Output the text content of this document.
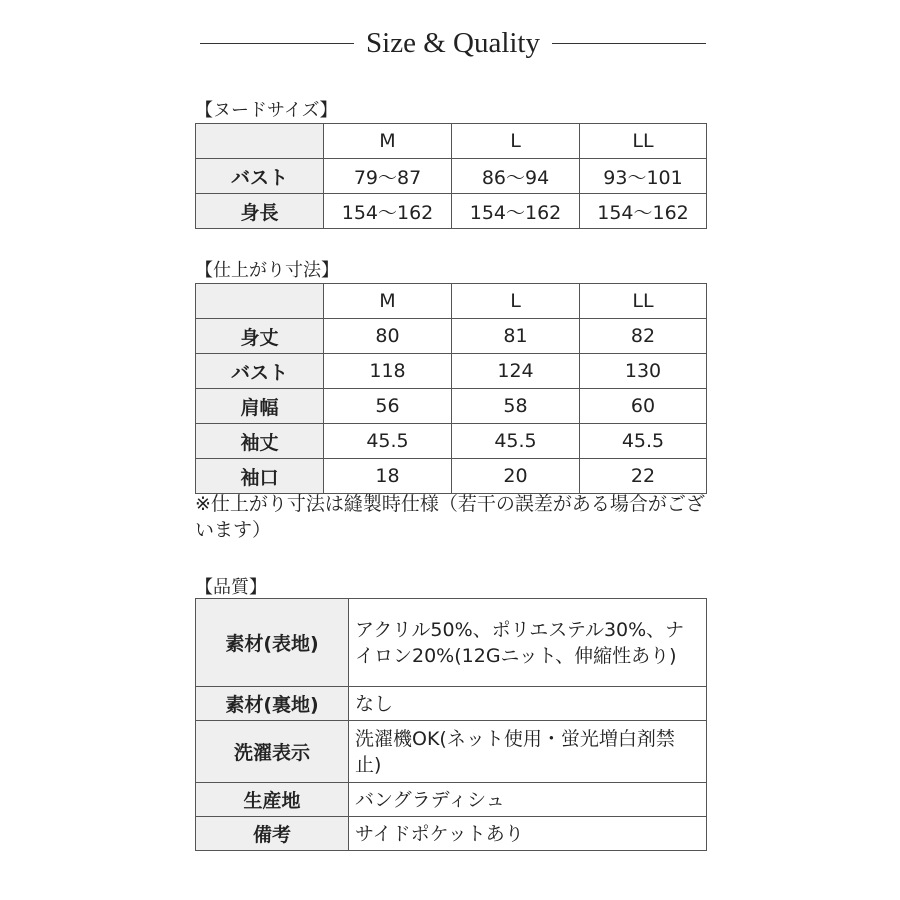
Size & Quality
【ヌードサイズ】
	M	L	LL
バスト	79〜87	86〜94	93〜101
身長	154〜162	154〜162	154〜162
【仕上がり寸法】
	M	L	LL
身丈	80	81	82
バスト	118	124	130
肩幅	56	58	60
袖丈	45.5	45.5	45.5
袖口	18	20	22
※仕上がり寸法は縫製時仕様（若干の誤差がある場合がございます）
【品質】
素材(表地)	アクリル50%、ポリエステル30%、ナイロン20%(12Gニット、伸縮性あり)
素材(裏地)	なし
洗濯表示	洗濯機OK(ネット使用・蛍光増白剤禁止)
生産地	バングラディシュ
備考	サイドポケットあり
